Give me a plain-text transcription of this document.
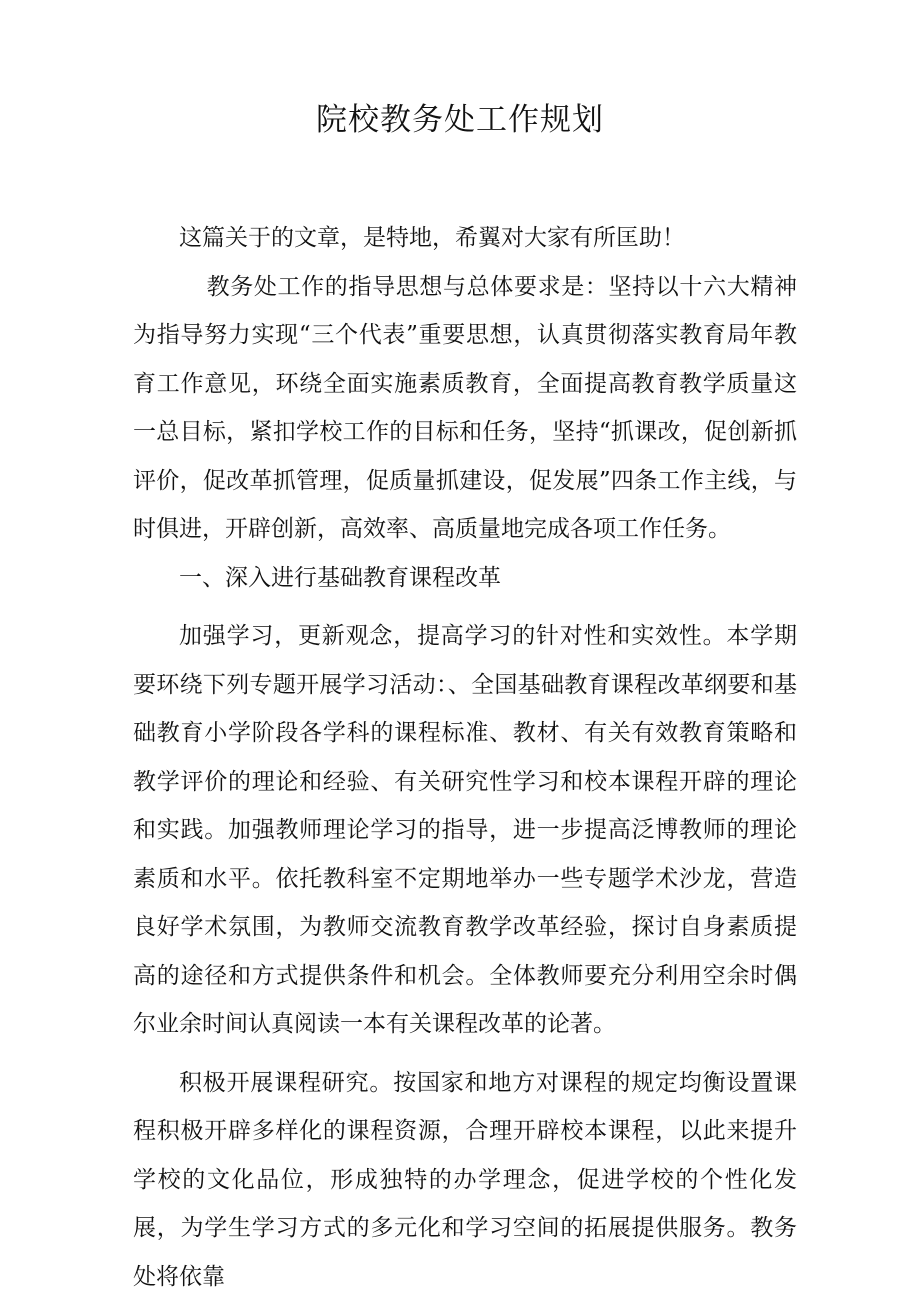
院校教务处工作规划

这篇关于的文章，是特地，希翼对大家有所匡助！

教务处工作的指导思想与总体要求是：坚持以十六大精神为指导努力实现“三个代表”重要思想，认真贯彻落实教育局年教育工作意见，环绕全面实施素质教育，全面提高教育教学质量这一总目标，紧扣学校工作的目标和任务，坚持“抓课改，促创新抓评价，促改革抓管理，促质量抓建设，促发展”四条工作主线，与时俱进，开辟创新，高效率、高质量地完成各项工作任务。

一、深入进行基础教育课程改革

加强学习，更新观念，提高学习的针对性和实效性。本学期要环绕下列专题开展学习活动：、全国基础教育课程改革纲要和基础教育小学阶段各学科的课程标准、教材、有关有效教育策略和教学评价的理论和经验、有关研究性学习和校本课程开辟的理论和实践。加强教师理论学习的指导，进一步提高泛博教师的理论素质和水平。依托教科室不定期地举办一些专题学术沙龙，营造良好学术氛围，为教师交流教育教学改革经验，探讨自身素质提高的途径和方式提供条件和机会。全体教师要充分利用空余时偶尔业余时间认真阅读一本有关课程改革的论著。

积极开展课程研究。按国家和地方对课程的规定均衡设置课程积极开辟多样化的课程资源，合理开辟校本课程，以此来提升学校的文化品位，形成独特的办学理念，促进学校的个性化发展，为学生学习方式的多元化和学习空间的拓展提供服务。教务处将依靠
